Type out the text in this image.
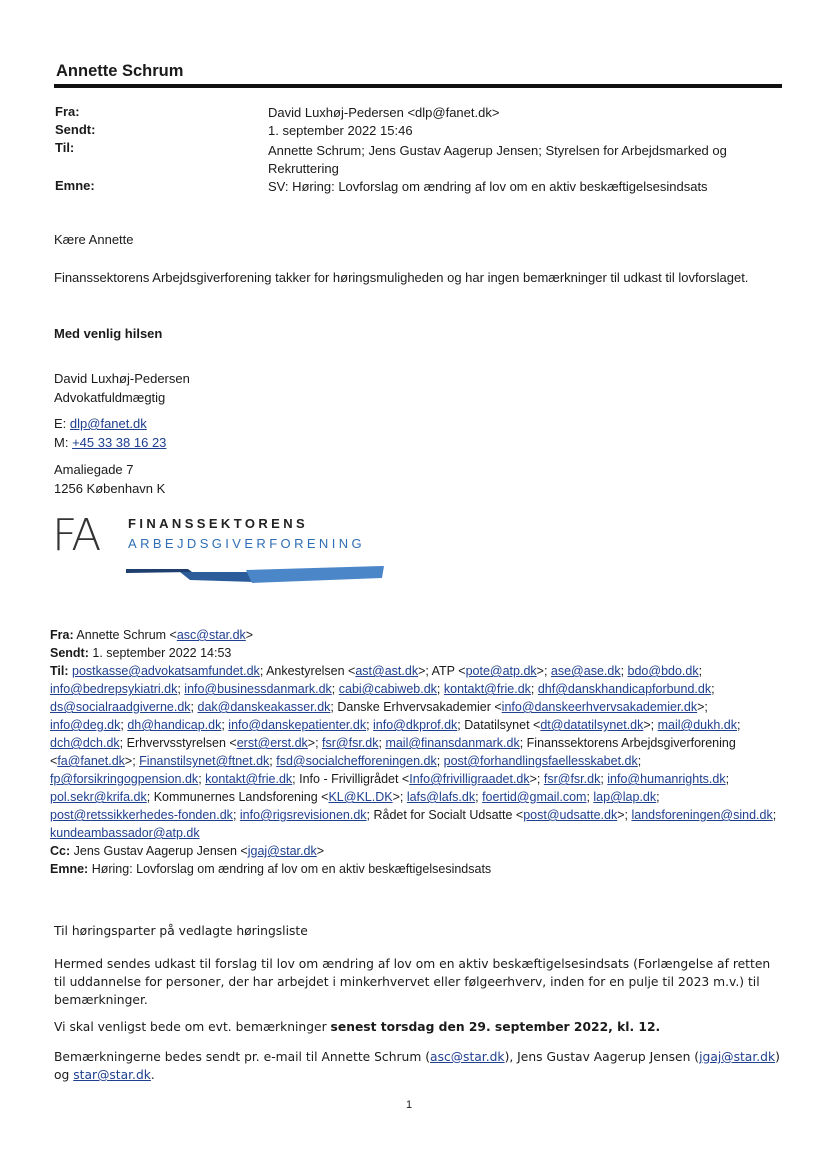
Annette Schrum
Fra:	David Luxhøj-Pedersen <dlp@fanet.dk>
Sendt:	1. september 2022 15:46
Til:	Annette Schrum; Jens Gustav Aagerup Jensen; Styrelsen for Arbejdsmarked og Rekruttering
Emne:	SV: Høring: Lovforslag om ændring af lov om en aktiv beskæftigelsesindsats
Kære Annette
Finanssektorens Arbejdsgiverforening takker for høringsmuligheden og har ingen bemærkninger til udkast til lovforslaget.
Med venlig hilsen
David Luxhøj-Pedersen
Advokatfuldmægtig
E: dlp@fanet.dk
M: +45 33 38 16 23
Amaliegade 7
1256 København K
FA FINANSSEKTORENS
ARBEJDSGIVERFORENING
Fra: Annette Schrum <asc@star.dk>
Sendt: 1. september 2022 14:53
Til: postkasse@advokatsamfundet.dk; Ankestyrelsen <ast@ast.dk>; ATP <pote@atp.dk>; ase@ase.dk; bdo@bdo.dk; info@bedrepsykiatri.dk; info@businessdanmark.dk; cabi@cabiweb.dk; kontakt@frie.dk; dhf@danskhandicapforbund.dk; ds@socialraadgiverne.dk; dak@danskeakasser.dk; Danske Erhvervsakademier <info@danskeerhvervsakademier.dk>; info@deg.dk; dh@handicap.dk; info@danskepatienter.dk; info@dkprof.dk; Datatilsynet <dt@datatilsynet.dk>; mail@dukh.dk; dch@dch.dk; Erhvervsstyrelsen <erst@erst.dk>; fsr@fsr.dk; mail@finansdanmark.dk; Finanssektorens Arbejdsgiverforening <fa@fanet.dk>; Finanstilsynet@ftnet.dk; fsd@socialchefforeningen.dk; post@forhandlingsfaellesskabet.dk; fp@forsikringogpension.dk; kontakt@frie.dk; Info - Frivilligrådet <Info@frivilligraadet.dk>; fsr@fsr.dk; info@humanrights.dk; pol.sekr@krifa.dk; Kommunernes Landsforening <KL@KL.DK>; lafs@lafs.dk; foertid@gmail.com; lap@lap.dk; post@retssikkerhedes-fonden.dk; info@rigsrevisionen.dk; Rådet for Socialt Udsatte <post@udsatte.dk>; landsforeningen@sind.dk; kundeambassador@atp.dk
Cc: Jens Gustav Aagerup Jensen <jgaj@star.dk>
Emne: Høring: Lovforslag om ændring af lov om en aktiv beskæftigelsesindsats
Til høringsparter på vedlagte høringsliste
Hermed sendes udkast til forslag til lov om ændring af lov om en aktiv beskæftigelsesindsats (Forlængelse af retten til uddannelse for personer, der har arbejdet i minkerhvervet eller følgeerhverv, inden for en pulje til 2023 m.v.) til bemærkninger.
Vi skal venligst bede om evt. bemærkninger senest torsdag den 29. september 2022, kl. 12.
Bemærkningerne bedes sendt pr. e-mail til Annette Schrum (asc@star.dk), Jens Gustav Aagerup Jensen (jgaj@star.dk) og star@star.dk.
1
